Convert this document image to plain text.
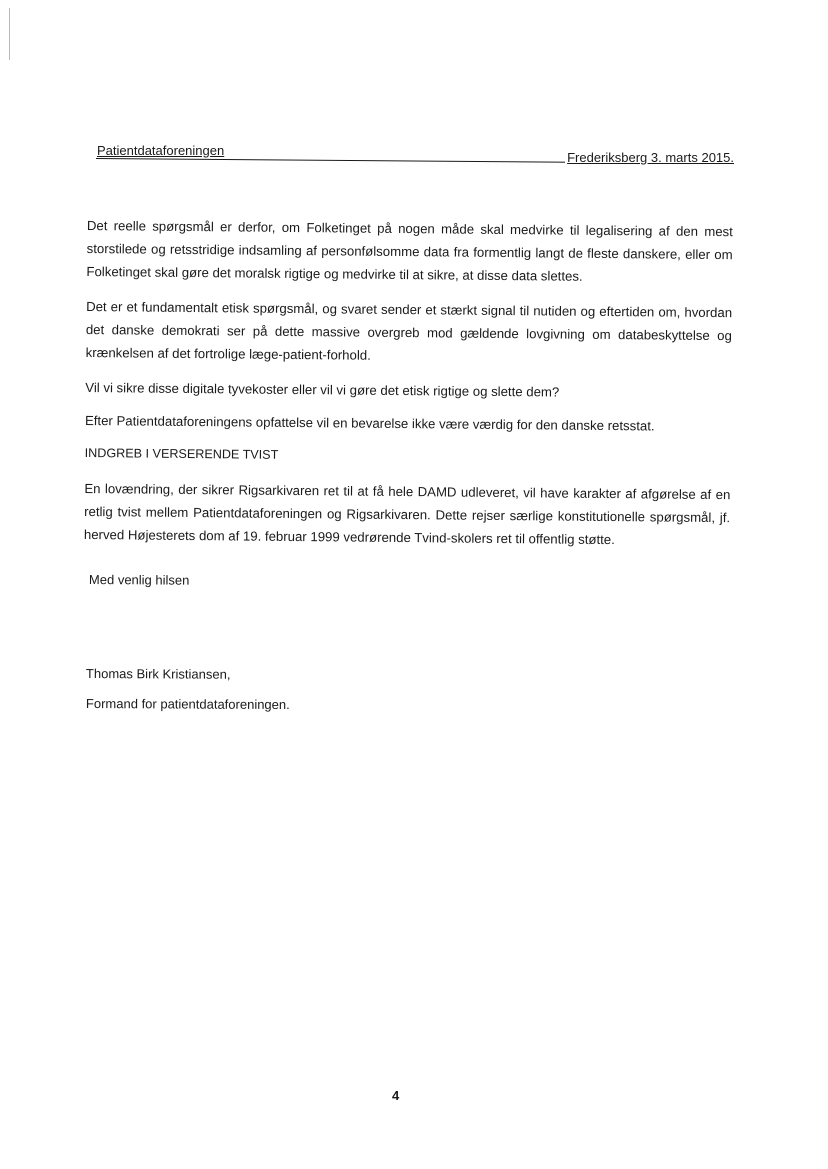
Patientdataforeningen	Frederiksberg 3. marts 2015.

Det reelle spørgsmål er derfor, om Folketinget på nogen måde skal medvirke til legalisering af den mest storstilede og retsstridige indsamling af personfølsomme data fra formentlig langt de fleste danskere, eller om Folketinget skal gøre det moralsk rigtige og medvirke til at sikre, at disse data slettes.

Det er et fundamentalt etisk spørgsmål, og svaret sender et stærkt signal til nutiden og eftertiden om, hvordan det danske demokrati ser på dette massive overgreb mod gældende lovgivning om databeskyttelse og krænkelsen af det fortrolige læge-patient-forhold.

Vil vi sikre disse digitale tyvekoster eller vil vi gøre det etisk rigtige og slette dem?

Efter Patientdataforeningens opfattelse vil en bevarelse ikke være værdig for den danske retsstat.

INDGREB I VERSERENDE TVIST

En lovændring, der sikrer Rigsarkivaren ret til at få hele DAMD udleveret, vil have karakter af afgørelse af en retlig tvist mellem Patientdataforeningen og Rigsarkivaren. Dette rejser særlige konstitutionelle spørgsmål, jf. herved Højesterets dom af 19. februar 1999 vedrørende Tvind-skolers ret til offentlig støtte.

Med venlig hilsen
Thomas Birk Kristiansen,
Formand for patientdataforeningen.
4
